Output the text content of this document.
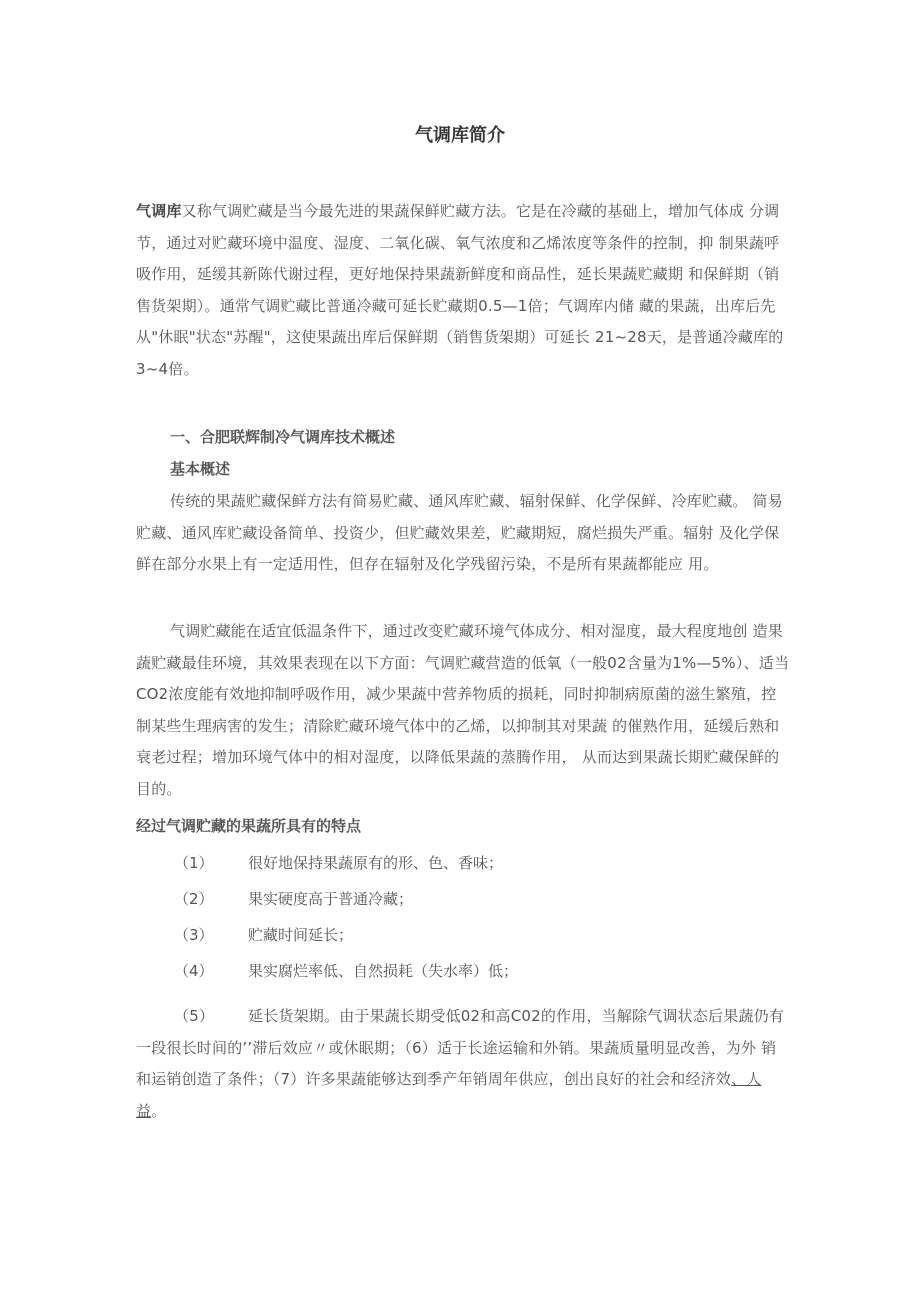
气调库简介

气调库又称气调贮藏是当今最先进的果蔬保鲜贮藏方法。它是在冷藏的基础上，增加气体成 分调节，通过对贮藏环境中温度、湿度、二氧化碳、氧气浓度和乙烯浓度等条件的控制，抑 制果蔬呼吸作用，延缓其新陈代谢过程，更好地保持果蔬新鲜度和商品性，延长果蔬贮藏期 和保鲜期（销售货架期）。通常气调贮藏比普通冷藏可延长贮藏期0.5—1倍；气调库内储 藏的果蔬，出库后先从"休眠"状态"苏醒"，这使果蔬出库后保鲜期（销售货架期）可延长 21~28天，是普通冷藏库的3~4倍。

一、合肥联辉制冷气调库技术概述

基本概述

传统的果蔬贮藏保鲜方法有简易贮藏、通风库贮藏、辐射保鲜、化学保鲜、冷库贮藏。 简易贮藏、通风库贮藏设备简单、投资少，但贮藏效果差，贮藏期短，腐烂损失严重。辐射 及化学保鲜在部分水果上有一定适用性，但存在辐射及化学残留污染，不是所有果蔬都能应 用。

气调贮藏能在适宜低温条件下，通过改变贮藏环境气体成分、相对湿度，最大程度地创 造果蔬贮藏最佳环境，其效果表现在以下方面：气调贮藏营造的低氧（一般02含量为1%—5%）、适当CO2浓度能有效地抑制呼吸作用，减少果蔬中营养物质的损耗，同时抑制病原菌的滋生繁殖，控制某些生理病害的发生；清除贮藏环境气体中的乙烯，以抑制其对果蔬 的催熟作用，延缓后熟和衰老过程；增加环境气体中的相对湿度，以降低果蔬的蒸腾作用， 从而达到果蔬长期贮藏保鲜的目的。

经过气调贮藏的果蔬所具有的特点

（1） 很好地保持果蔬原有的形、色、香味；

（2） 果实硬度高于普通冷藏；

（3） 贮藏时间延长；

（4） 果实腐烂率低、自然损耗（失水率）低；

（5） 延长货架期。由于果蔬长期受低02和高C02的作用，当解除气调状态后果蔬仍有 一段很长时间的’’滞后效应〃或休眠期；（6）适于长途运输和外销。果蔬质量明显改善，为外 销和运销创造了条件；（7）许多果蔬能够达到季产年销周年供应，创出良好的社会和经济效、人
益。
